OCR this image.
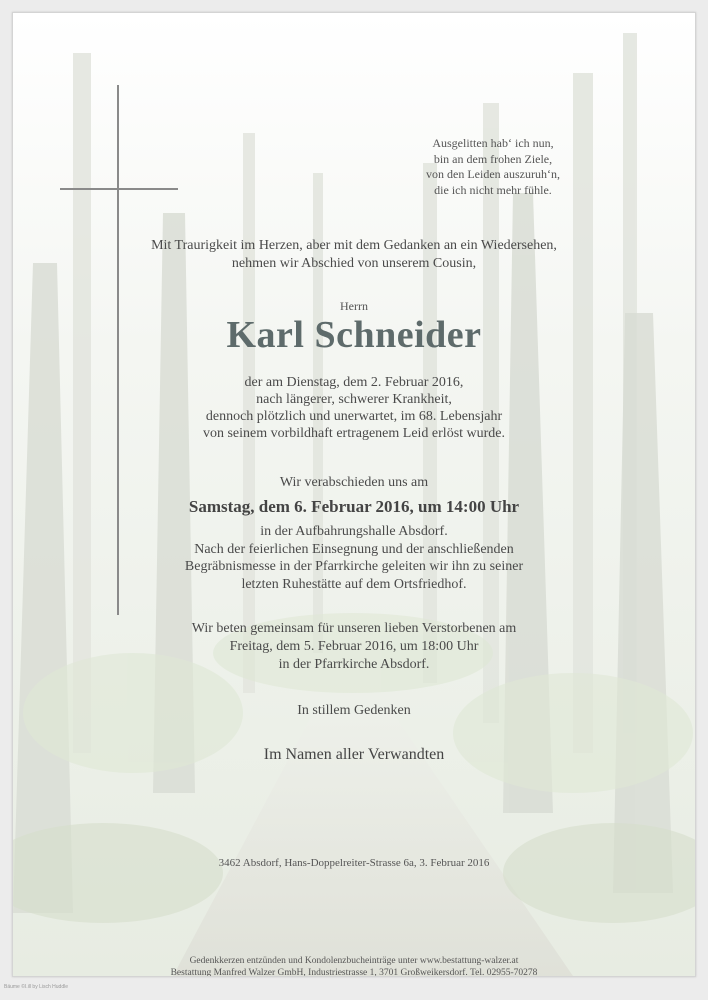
Ausgelitten hab‘ ich nun,
bin an dem frohen Ziele,
von den Leiden auszuruh‘n,
die ich nicht mehr fühle.
Mit Traurigkeit im Herzen, aber mit dem Gedanken an ein Wiedersehen,
nehmen wir Abschied von unserem Cousin,
Herrn
Karl Schneider
der am Dienstag, dem 2. Februar 2016,
nach längerer, schwerer Krankheit,
dennoch plötzlich und unerwartet, im 68. Lebensjahr
von seinem vorbildhaft ertragenem Leid erlöst wurde.
Wir verabschieden uns am
Samstag, dem 6. Februar 2016, um 14:00 Uhr
in der Aufbahrungshalle Absdorf.
Nach der feierlichen Einsegnung und der anschließenden
Begräbnismesse in der Pfarrkirche geleiten wir ihn zu seiner
letzten Ruhestätte auf dem Ortsfriedhof.
Wir beten gemeinsam für unseren lieben Verstorbenen am
Freitag, dem 5. Februar 2016, um 18:00 Uhr
in der Pfarrkirche Absdorf.
In stillem Gedenken
Im Namen aller Verwandten
3462 Absdorf, Hans-Doppelreiter-Strasse 6a, 3. Februar 2016
Gedenkkerzen entzünden und Kondolenzbucheinträge unter www.bestattung-walzer.at
Bestattung Manfred Walzer GmbH, Industriestrasse 1, 3701 Großweikersdorf. Tel. 02955-70278
Bäume ©I.ill by Lisch Huddle
